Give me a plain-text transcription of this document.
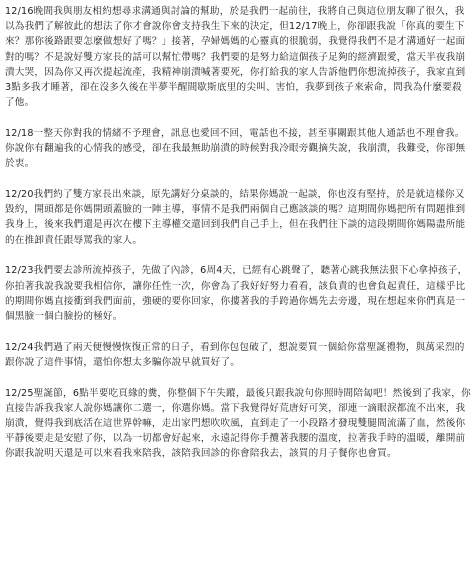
12/16晚間我與朋友相約想尋求溝通與討論的幫助，於是我們一起前往，我將自己與這位朋友聊了很久，我以為我們了解彼此的想法了你才會說你會支持我生下來的決定，但12/17晚上，你卻跟我說「你真的要生下來？那你後路跟要怎麼做想好了嗎？」接著，孕婦媽媽的心靈真的很脆弱，我覺得我們不是才溝通好一起面對的嗎？不是說好雙方家長的話可以幫忙帶嗎？我們要的是努力給這個孩子足夠的經濟跟愛，當天半夜我崩潰大哭，因為你又再次提起流產，我精神崩潰喊著要死，你打給我的家人告訴他們你想流掉孩子，我家直到3點多我才睡著，卻在沒多久後在半夢半醒間歇斯底里的尖叫、害怕，我夢到孩子來索命，問我為什麼要殺了他。

12/18一整天你對我的情緒不予理會，訊息也愛回不回，電話也不接，甚至事關跟其他人通話也不理會我。你說你有翻遍我的心情我的感受，卻在我最無助崩潰的時候對我冷眼旁觀摘失說，我崩潰，我難受，你卻無於衷。

12/20我們約了雙方家長出來談，原先講好分桌談的，結果你媽說一起談，你也沒有堅持，於是就這樣你又毀約，開頭都是你媽開頭蓋臉的一陣主導，事情不是我們兩個自己應該談的嗎？這期間你媽把所有問題推到我身上，後來我們還是再次在樓下主導權交還回到我們自己手上，但在我們往下談的這段期間你媽陽盡所能的在推卸責任跟辱罵我的家人。

12/23我們要去診所流掉孩子，先做了內診，6周4天，已經有心跳聲了，聽著心跳我無法狠下心拿掉孩子，你拍著我說我說要我相信你，讓你任性一次，你會為了我好好努力看看，該負責的也會負起責任，這樣乎比的期間你媽直接衝到我們面前，強硬的要你回家，你摟著我的手跨過你媽先去旁邊，現在想起來你們真是一個黑臉一個白臉扮的極好。

12/24我們過了兩天便慢慢恢復正常的日子，看到你包包破了，想說要買一個給你當聖誕禮物，與萬采烈的跟你說了這件事情，還怕你想太多騙你說早就買好了。

12/25聖誕節，6點半要吃頁緣的糞，你整個下午失蹤，最後只跟我說句你照時間陪匐吧！然後到了我家，你直接告訴我我家人說你媽讓你二選一，你選你媽。當下我覺得好荒唐好可笑，卻連一滴眼淚都流不出來，我崩潰，覺得我到底活在這世界幹嘛，走出家門想吹吹風，直到走了一小段路才發現雙腿間流滿了血，然後你平靜後要走是安慰了你，以為一切都會好起來，永遠記得你手攬著我腰的溫度，拉著我手時的溫暖，離開前你跟我說明天還是可以來看我來陪我，該陪我回診的你會陪我去，該買的月子餐你也會買。
